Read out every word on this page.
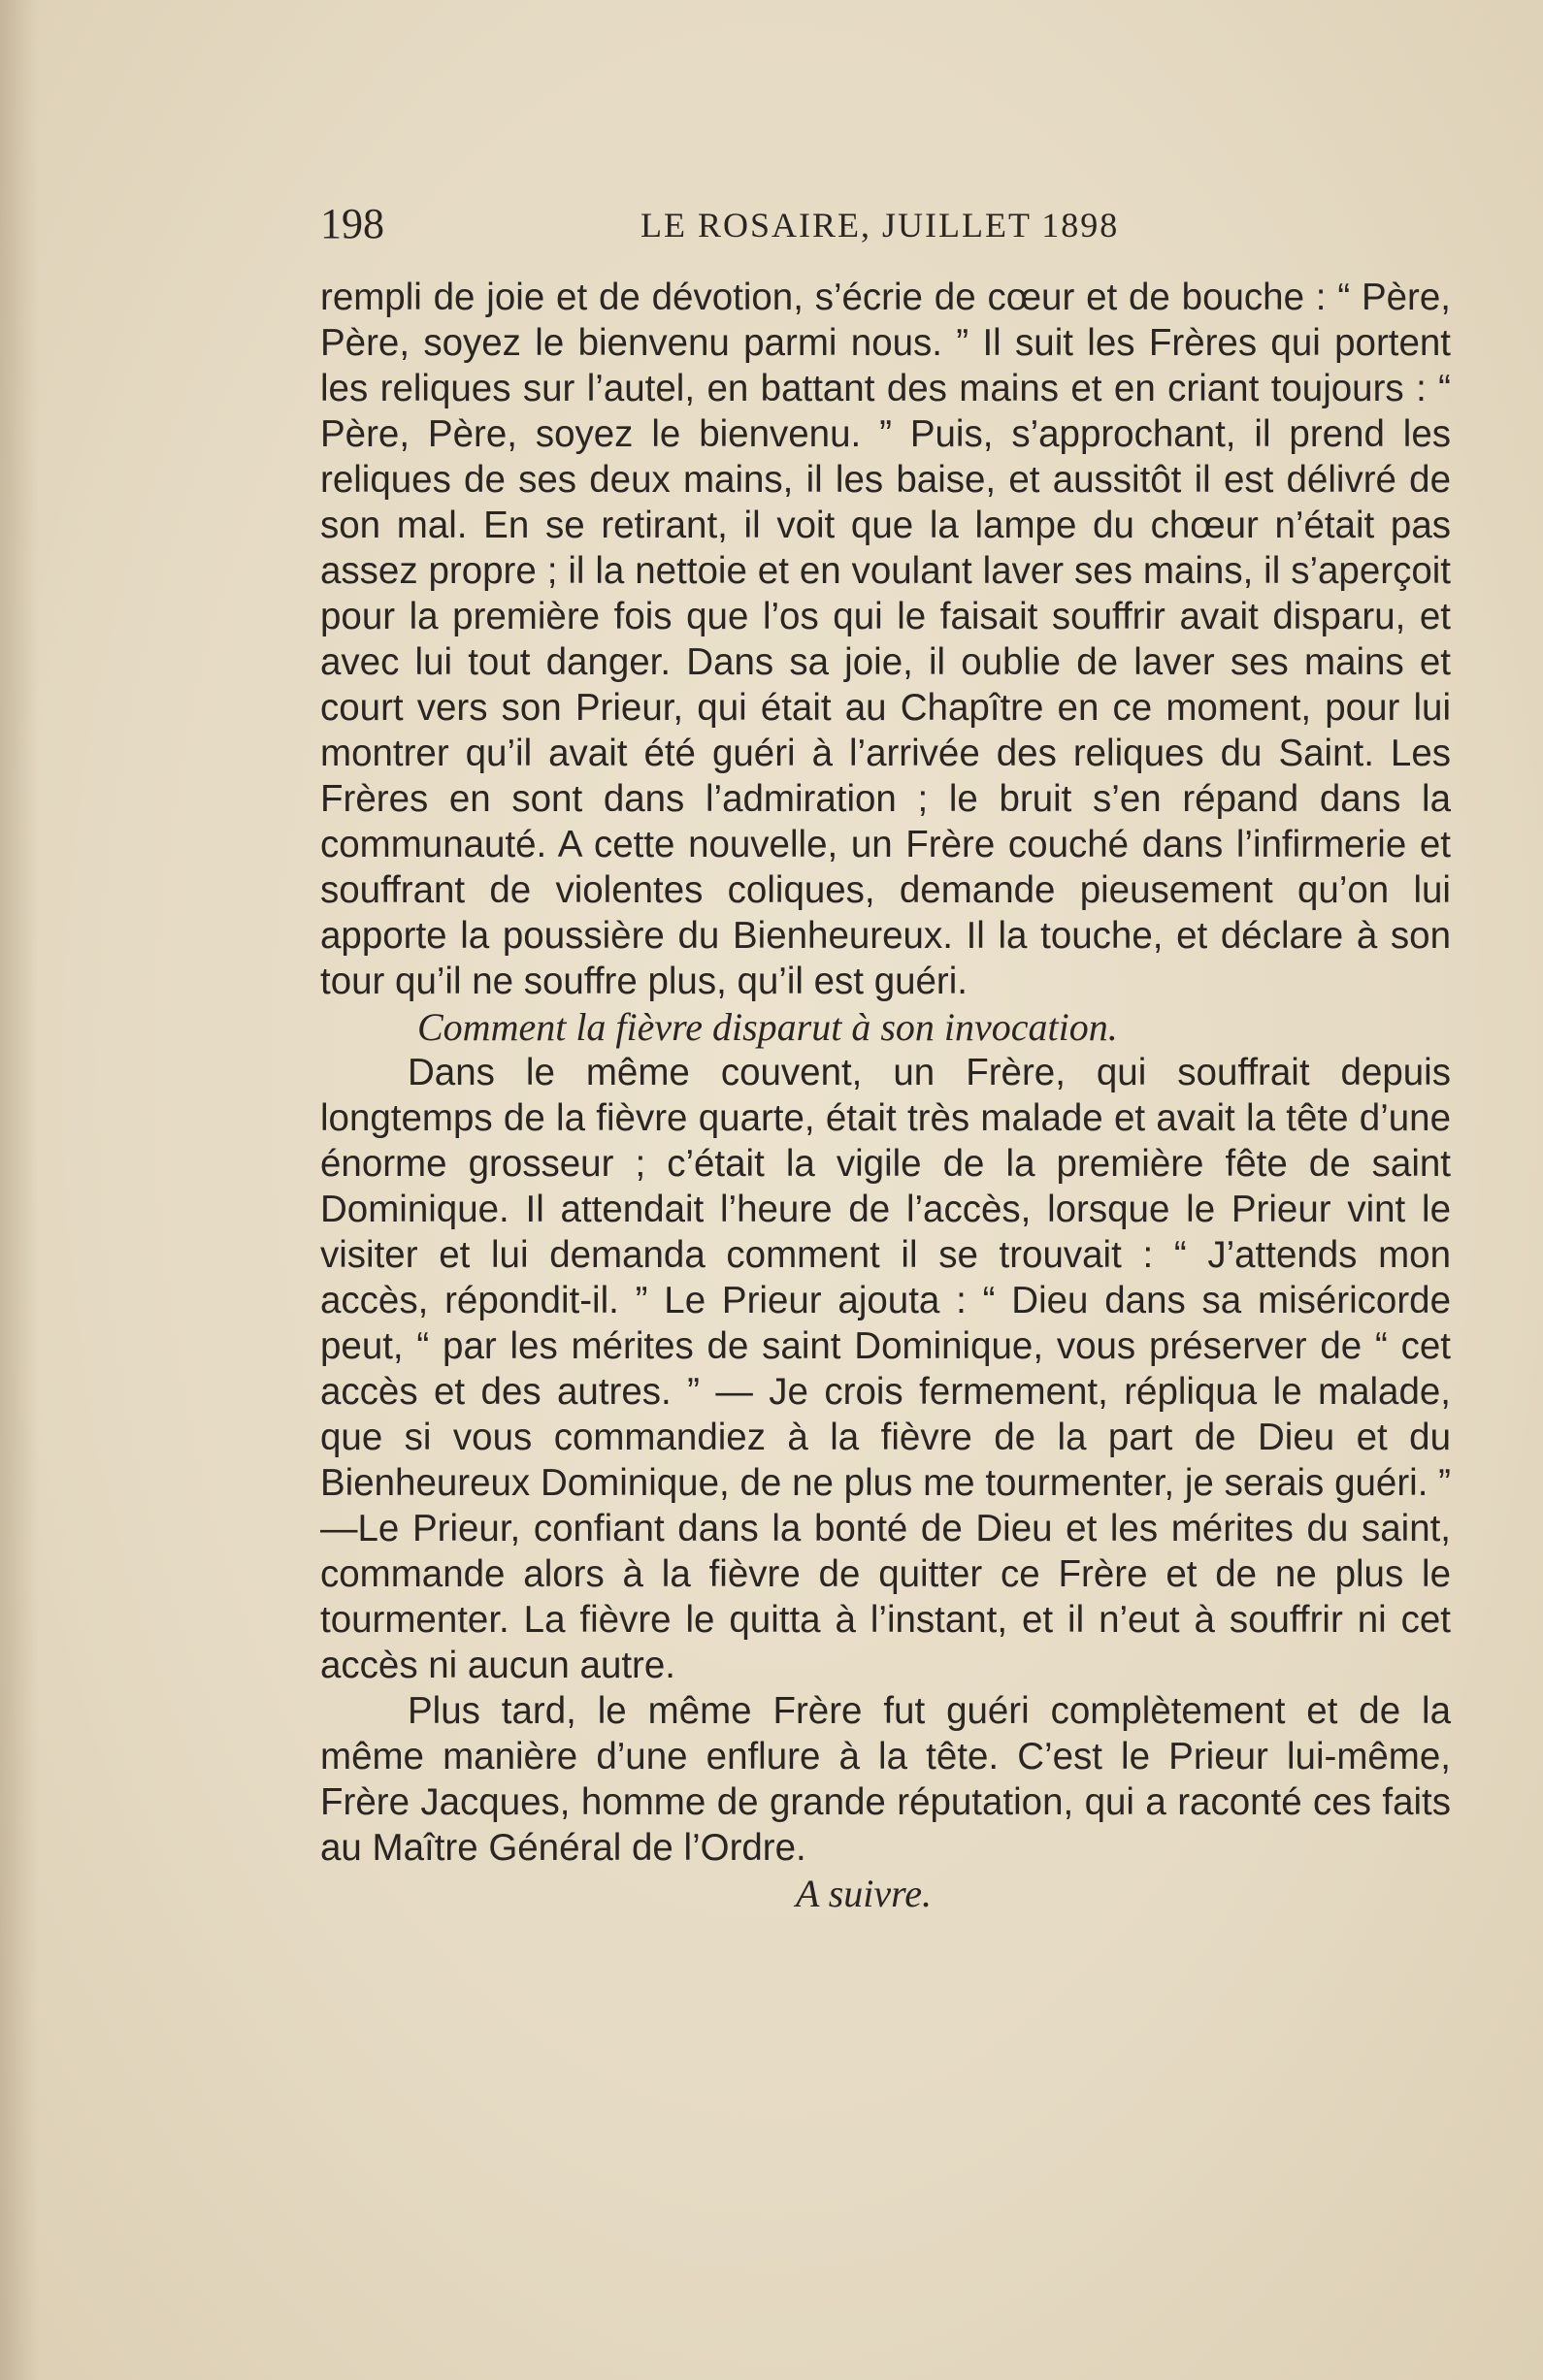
198	LE ROSAIRE, JUILLET 1898

rempli de joie et de dévotion, s’écrie de cœur et de bouche : “ Père, Père, soyez le bienvenu parmi nous. ” Il suit les Frères qui portent les reliques sur l’autel, en battant des mains et en criant toujours : “ Père, Père, soyez le bienvenu. ” Puis, s’approchant, il prend les reliques de ses deux mains, il les baise, et aussitôt il est délivré de son mal. En se retirant, il voit que la lampe du chœur n’était pas assez propre ; il la nettoie et en voulant laver ses mains, il s’aperçoit pour la première fois que l’os qui le faisait souffrir avait disparu, et avec lui tout danger. Dans sa joie, il oublie de laver ses mains et court vers son Prieur, qui était au Chapître en ce moment, pour lui montrer qu’il avait été guéri à l’arrivée des reliques du Saint. Les Frères en sont dans l’admiration ; le bruit s’en répand dans la communauté. A cette nouvelle, un Frère couché dans l’infirmerie et souffrant de violentes coliques, demande pieusement qu’on lui apporte la poussière du Bienheureux. Il la touche, et déclare à son tour qu’il ne souffre plus, qu’il est guéri.

Comment la fièvre disparut à son invocation.

Dans le même couvent, un Frère, qui souffrait depuis longtemps de la fièvre quarte, était très malade et avait la tête d’une énorme grosseur ; c’était la vigile de la première fête de saint Dominique. Il attendait l’heure de l’accès, lorsque le Prieur vint le visiter et lui demanda comment il se trouvait : “ J’attends mon accès, répondit-il. ” Le Prieur ajouta : “ Dieu dans sa miséricorde peut, “ par les mérites de saint Dominique, vous préserver de “ cet accès et des autres. ” — Je crois fermement, répliqua le malade, que si vous commandiez à la fièvre de la part de Dieu et du Bienheureux Dominique, de ne plus me tourmenter, je serais guéri. ” —Le Prieur, confiant dans la bonté de Dieu et les mérites du saint, commande alors à la fièvre de quitter ce Frère et de ne plus le tourmenter. La fièvre le quitta à l’instant, et il n’eut à souffrir ni cet accès ni aucun autre.

Plus tard, le même Frère fut guéri complètement et de la même manière d’une enflure à la tête. C’est le Prieur lui-même, Frère Jacques, homme de grande réputation, qui a raconté ces faits au Maître Général de l’Ordre.

A suivre.
